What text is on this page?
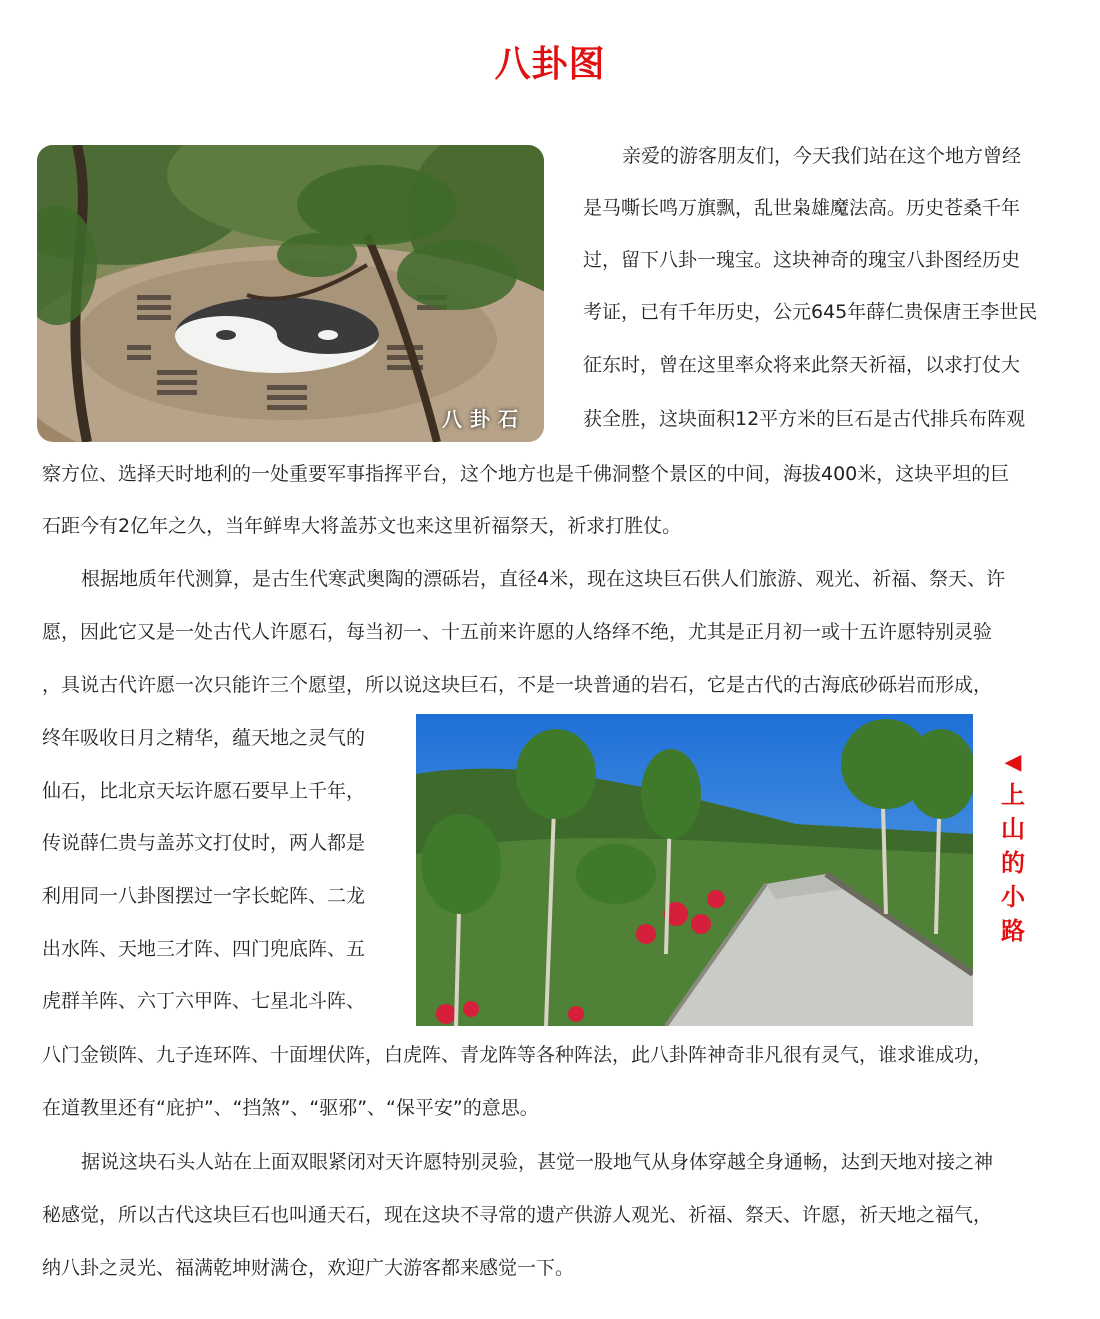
八卦图
八卦石
亲爱的游客朋友们，今天我们站在这个地方曾经
是马嘶长鸣万旗飘，乱世枭雄魔法高。历史苍桑千年
过，留下八卦一瑰宝。这块神奇的瑰宝八卦图经历史
考证，已有千年历史，公元645年薛仁贵保唐王李世民
征东时，曾在这里率众将来此祭天祈福，以求打仗大
获全胜，这块面积12平方米的巨石是古代排兵布阵观
察方位、选择天时地利的一处重要军事指挥平台，这个地方也是千佛洞整个景区的中间，海拔400米，这块平坦的巨
石距今有2亿年之久，当年鲜卑大将盖苏文也来这里祈福祭天，祈求打胜仗。
根据地质年代测算，是古生代寒武奥陶的漂砾岩，直径4米，现在这块巨石供人们旅游、观光、祈福、祭天、许
愿，因此它又是一处古代人许愿石，每当初一、十五前来许愿的人络绎不绝，尤其是正月初一或十五许愿特别灵验
，具说古代许愿一次只能许三个愿望，所以说这块巨石，不是一块普通的岩石，它是古代的古海底砂砾岩而形成，
终年吸收日月之精华，蕴天地之灵气的
仙石，比北京天坛许愿石要早上千年，
传说薛仁贵与盖苏文打仗时，两人都是
利用同一八卦图摆过一字长蛇阵、二龙
出水阵、天地三才阵、四门兜底阵、五
虎群羊阵、六丁六甲阵、七星北斗阵、
八门金锁阵、九子连环阵、十面埋伏阵，白虎阵、青龙阵等各种阵法，此八卦阵神奇非凡很有灵气，谁求谁成功，
在道教里还有“庇护”、“挡煞”、“驱邪”、“保平安”的意思。
◀
上
山
的
小
路
据说这块石头人站在上面双眼紧闭对天许愿特别灵验，甚觉一股地气从身体穿越全身通畅，达到天地对接之神
秘感觉，所以古代这块巨石也叫通天石，现在这块不寻常的遗产供游人观光、祈福、祭天、许愿，祈天地之福气，
纳八卦之灵光、福满乾坤财满仓，欢迎广大游客都来感觉一下。
